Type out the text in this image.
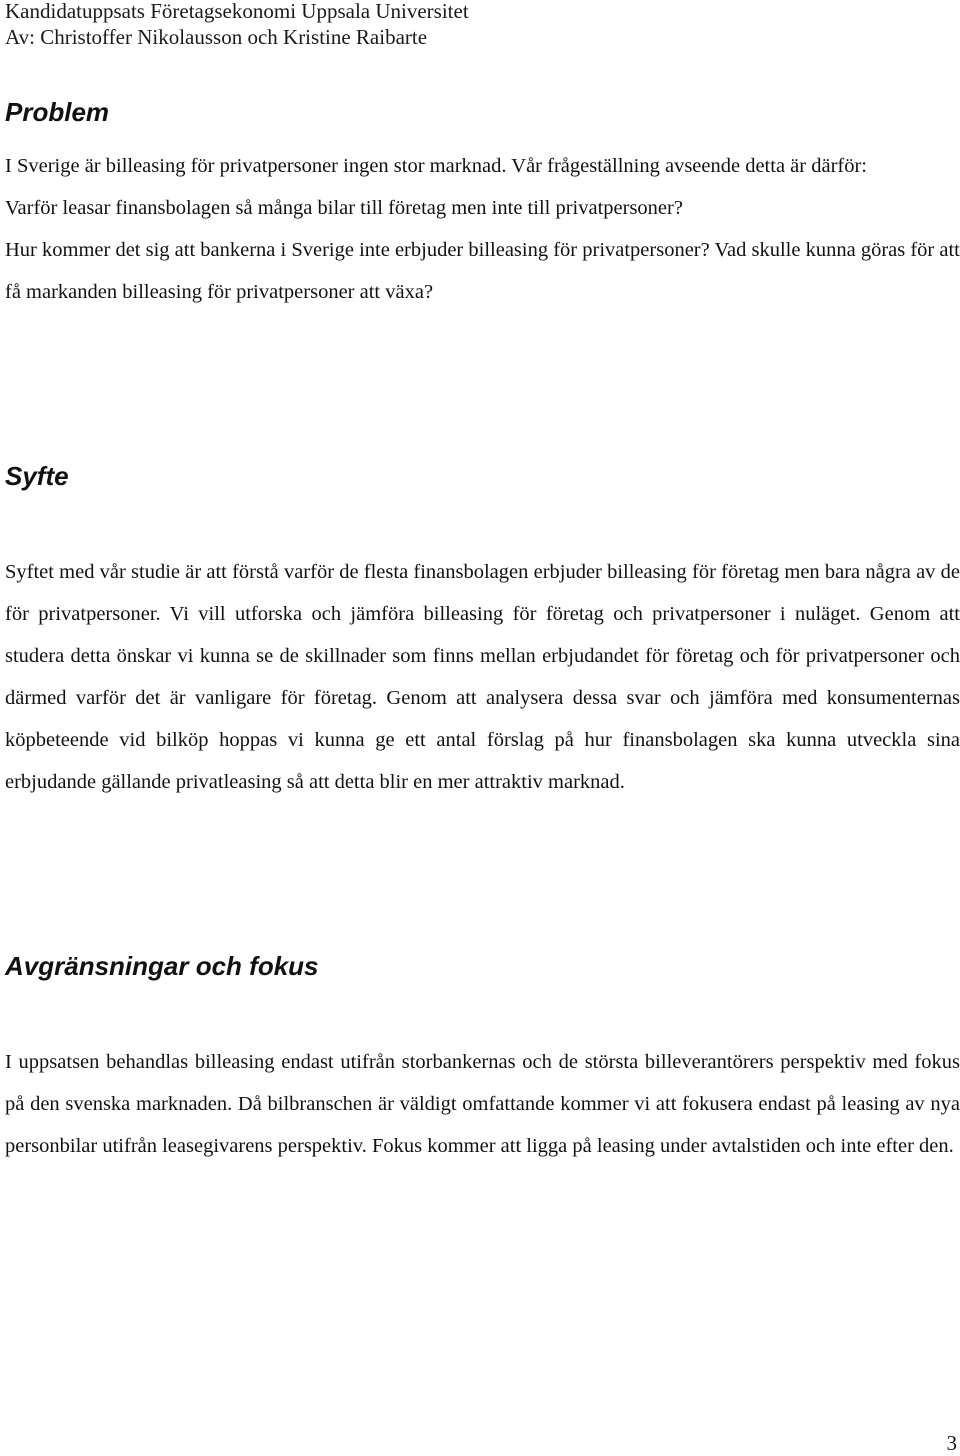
Kandidatuppsats Företagsekonomi Uppsala Universitet
Av: Christoffer Nikolausson och Kristine Raibarte
Problem

I Sverige är billeasing för privatpersoner ingen stor marknad. Vår frågeställning avseende detta är därför:

Varför leasar finansbolagen så många bilar till företag men inte till privatpersoner?

Hur kommer det sig att bankerna i Sverige inte erbjuder billeasing för privatpersoner? Vad skulle kunna göras för att få markanden billeasing för privatpersoner att växa?

Syfte

Syftet med vår studie är att förstå varför de flesta finansbolagen erbjuder billeasing för företag men bara några av de för privatpersoner. Vi vill utforska och jämföra billeasing för företag och privatpersoner i nuläget. Genom att studera detta önskar vi kunna se de skillnader som finns mellan erbjudandet för företag och för privatpersoner och därmed varför det är vanligare för företag. Genom att analysera dessa svar och jämföra med konsumenternas köpbeteende vid bilköp hoppas vi kunna ge ett antal förslag på hur finansbolagen ska kunna utveckla sina erbjudande gällande privatleasing så att detta blir en mer attraktiv marknad.

Avgränsningar och fokus

I uppsatsen behandlas billeasing endast utifrån storbankernas och de största billeverantörers perspektiv med fokus på den svenska marknaden. Då bilbranschen är väldigt omfattande kommer vi att fokusera endast på leasing av nya personbilar utifrån leasegivarens perspektiv. Fokus kommer att ligga på leasing under avtalstiden och inte efter den.

3
